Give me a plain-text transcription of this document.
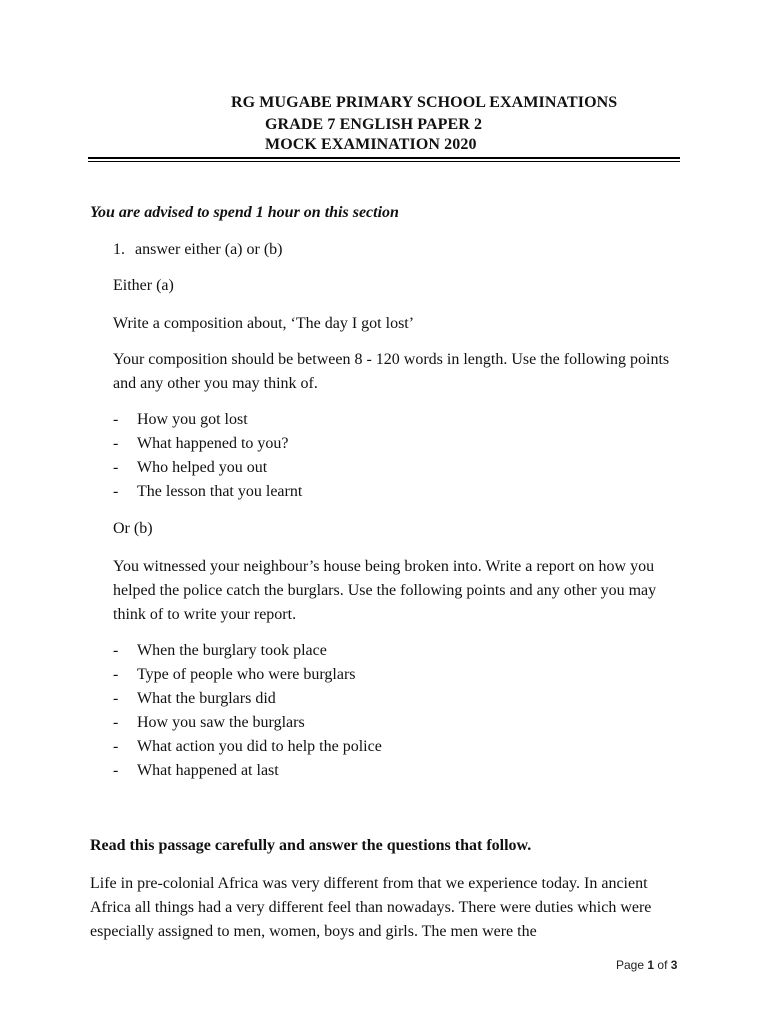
RG MUGABE PRIMARY SCHOOL EXAMINATIONS
GRADE 7 ENGLISH PAPER 2
MOCK EXAMINATION 2020
You are advised to spend 1 hour on this section
1. answer either (a) or (b)
Either (a)
Write a composition about, ‘The day I got lost’
Your composition should be between 8 - 120 words in length. Use the following points and any other you may think of.
- How you got lost
- What happened to you?
- Who helped you out
- The lesson that you learnt
Or (b)
You witnessed your neighbour’s house being broken into. Write a report on how you helped the police catch the burglars. Use the following points and any other you may think of to write your report.
- When the burglary took place
- Type of people who were burglars
- What the burglars did
- How you saw the burglars
- What action you did to help the police
- What happened at last
Read this passage carefully and answer the questions that follow.
Life in pre-colonial Africa was very different from that we experience today. In ancient Africa all things had a very different feel than nowadays. There were duties which were especially assigned to men, women, boys and girls. The men were the
Page 1 of 3
